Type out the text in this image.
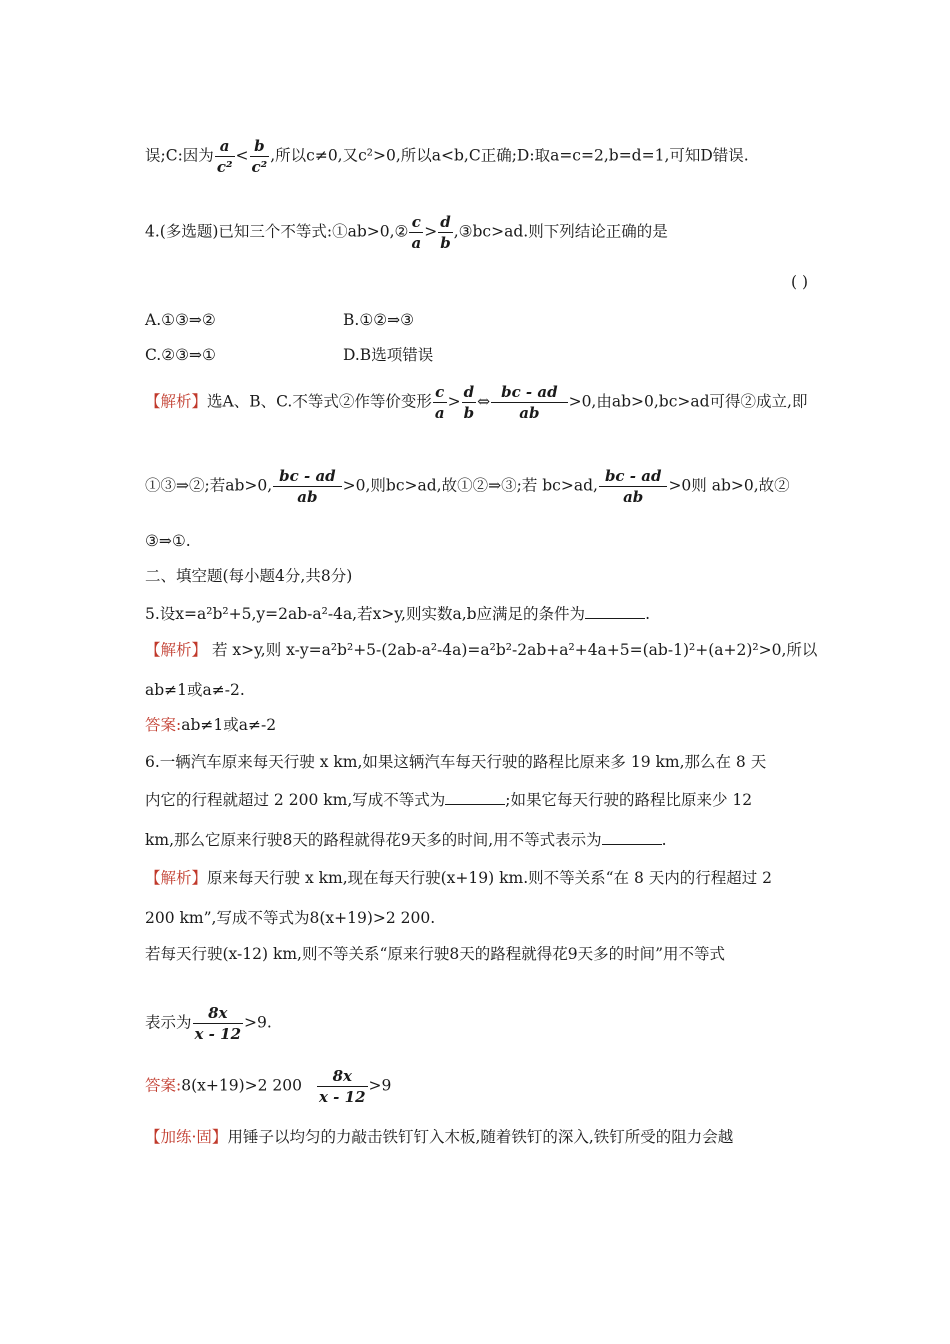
误;C:因为 $\frac{a}{\text{c²}} < \frac{b}{\text{c²}}$ ,所以c≠0,又c²>0,所以a<b,C正确;D:取a=c=2,b=d=1,可知D错误.
4.(多选题)已知三个不等式:①ab>0,② $\frac{c}{a} > \frac{d}{b}$ ,③bc>ad.则下列结论正确的是
( )
A.①③⇒②	B.①②⇒③
C.②③⇒①	D.B选项错误
【解析】选A、B、C.不等式②作等价变形 $\frac{c}{a} > \frac{d}{b}$ ⇔ $\frac{bc - ad}{ab} >0$,由ab>0,bc>ad可得②成立,即
①③⇒②;若ab>0, $\frac{bc - ad}{ab} >0$,则bc>ad,故①②⇒③;若 bc>ad, $\frac{bc - ad}{ab} >0$则 ab>0,故②
③⇒①.
二、填空题(每小题4分,共8分)
5.设x=a²b²+5,y=2ab-a²-4a,若x>y,则实数a,b应满足的条件为	.
【解析】 若 x>y,则 x-y=a²b²+5-(2ab-a²-4a)=a²b²-2ab+a²+4a+5=(ab-1)²+(a+2)²>0,所以
ab≠1或a≠-2.
答案:ab≠1或a≠-2
6.一辆汽车原来每天行驶 x km,如果这辆汽车每天行驶的路程比原来多 19 km,那么在 8 天
内它的行程就超过 2 200 km,写成不等式为	;如果它每天行驶的路程比原来少 12
km,那么它原来行驶8天的路程就得花9天多的时间,用不等式表示为	.
【解析】原来每天行驶 x km,现在每天行驶(x+19) km.则不等关系“在 8 天内的行程超过 2
200 km”,写成不等式为8(x+19)>2 200.
若每天行驶(x-12) km,则不等关系“原来行驶8天的路程就得花9天多的时间”用不等式
表示为 $\frac{8x}{x - 12} >9$.
答案:8(x+19)>2 $200 \frac{8x}{x - 12} >9$
【加练·固】用锤子以均匀的力敲击铁钉钉入木板,随着铁钉的深入,铁钉所受的阻力会越
